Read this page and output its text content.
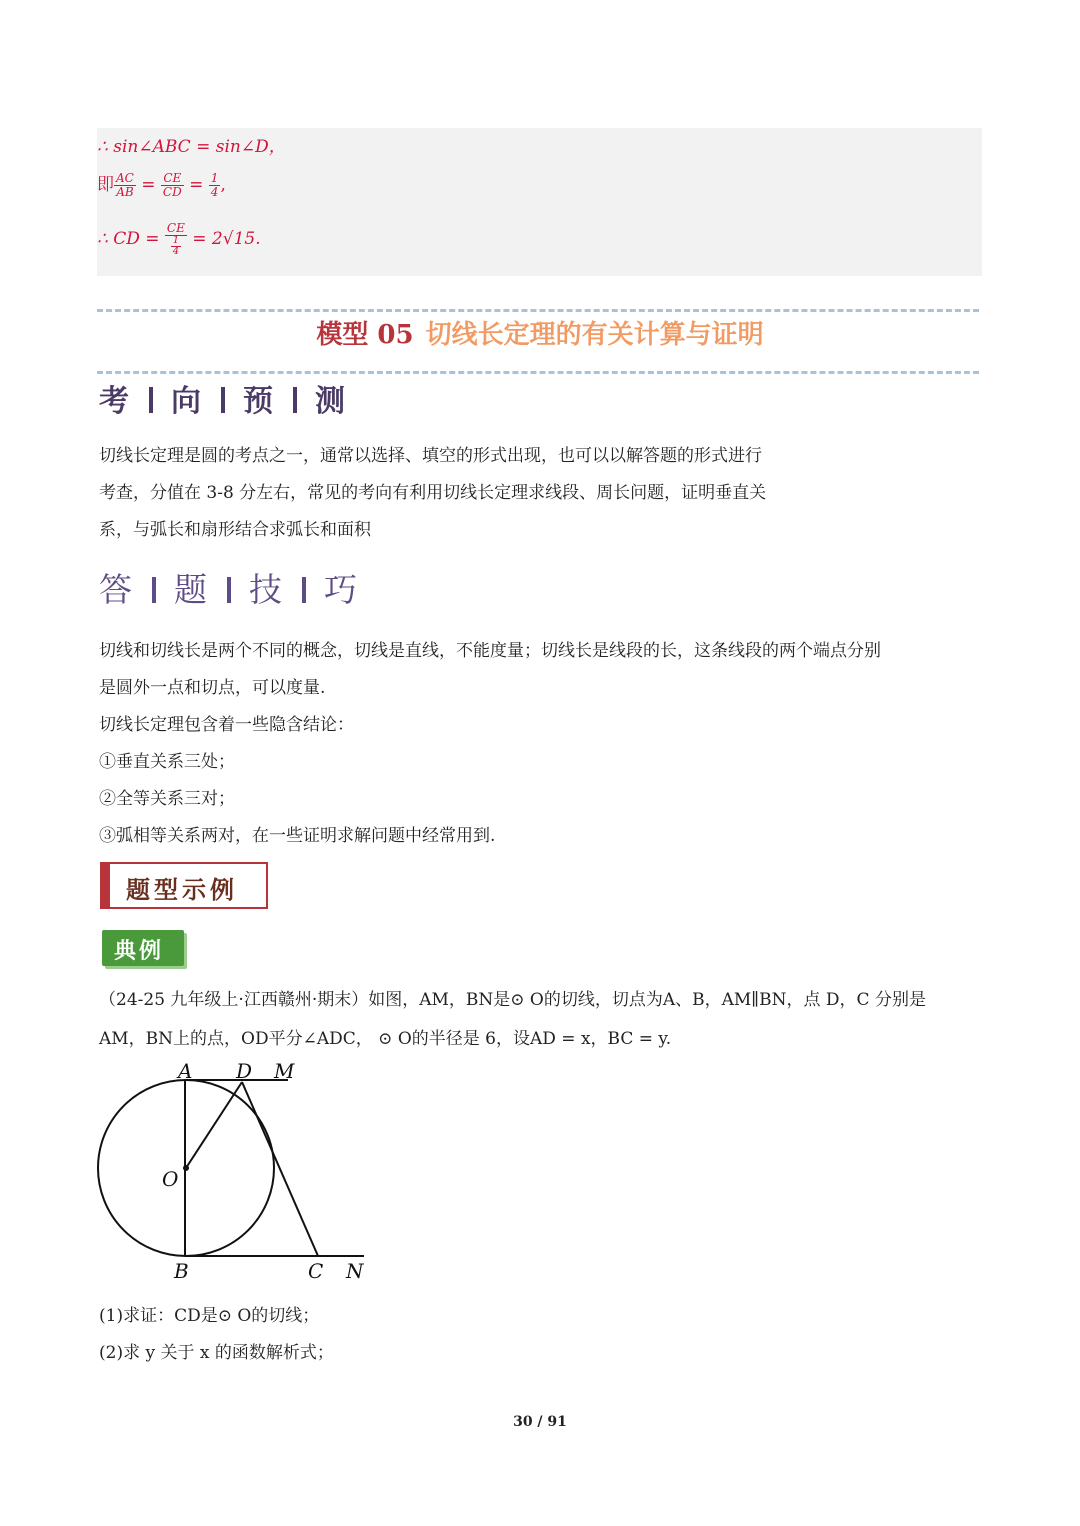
∴ sin∠ABC = sin∠D，
即 $\frac{AC}{AB} = \frac{CE}{CD} = \frac{1}{4}$ ,
∴ CD = $\frac{CE}{\frac{1}{4}} = 2√15$.
模型 05 切线长定理的有关计算与证明
考 向 预 测
切线长定理是圆的考点之一，通常以选择、填空的形式出现，也可以以解答题的形式进行
考查，分值在 3-8 分左右，常见的考向有利用切线长定理求线段、周长问题，证明垂直关
系，与弧长和扇形结合求弧长和面积
答 题 技 巧
切线和切线长是两个不同的概念，切线是直线，不能度量；切线长是线段的长，这条线段的两个端点分别
是圆外一点和切点，可以度量.
切线长定理包含着一些隐含结论：
①垂直关系三处；
②全等关系三对；
③弧相等关系两对，在一些证明求解问题中经常用到.
题型示例
典例
（24-25 九年级上·江西赣州·期末）如图，AM，BN是⊙ O的切线，切点为A、B，AM∥BN，点 D，C 分别是
AM，BN上的点，OD平分∠ADC， ⊙ O的半径是 6，设AD = x，BC = y.
A D M
O
B	C N
(1)求证：CD是⊙ O的切线；
(2)求 y 关于 x 的函数解析式；
30 / 91
